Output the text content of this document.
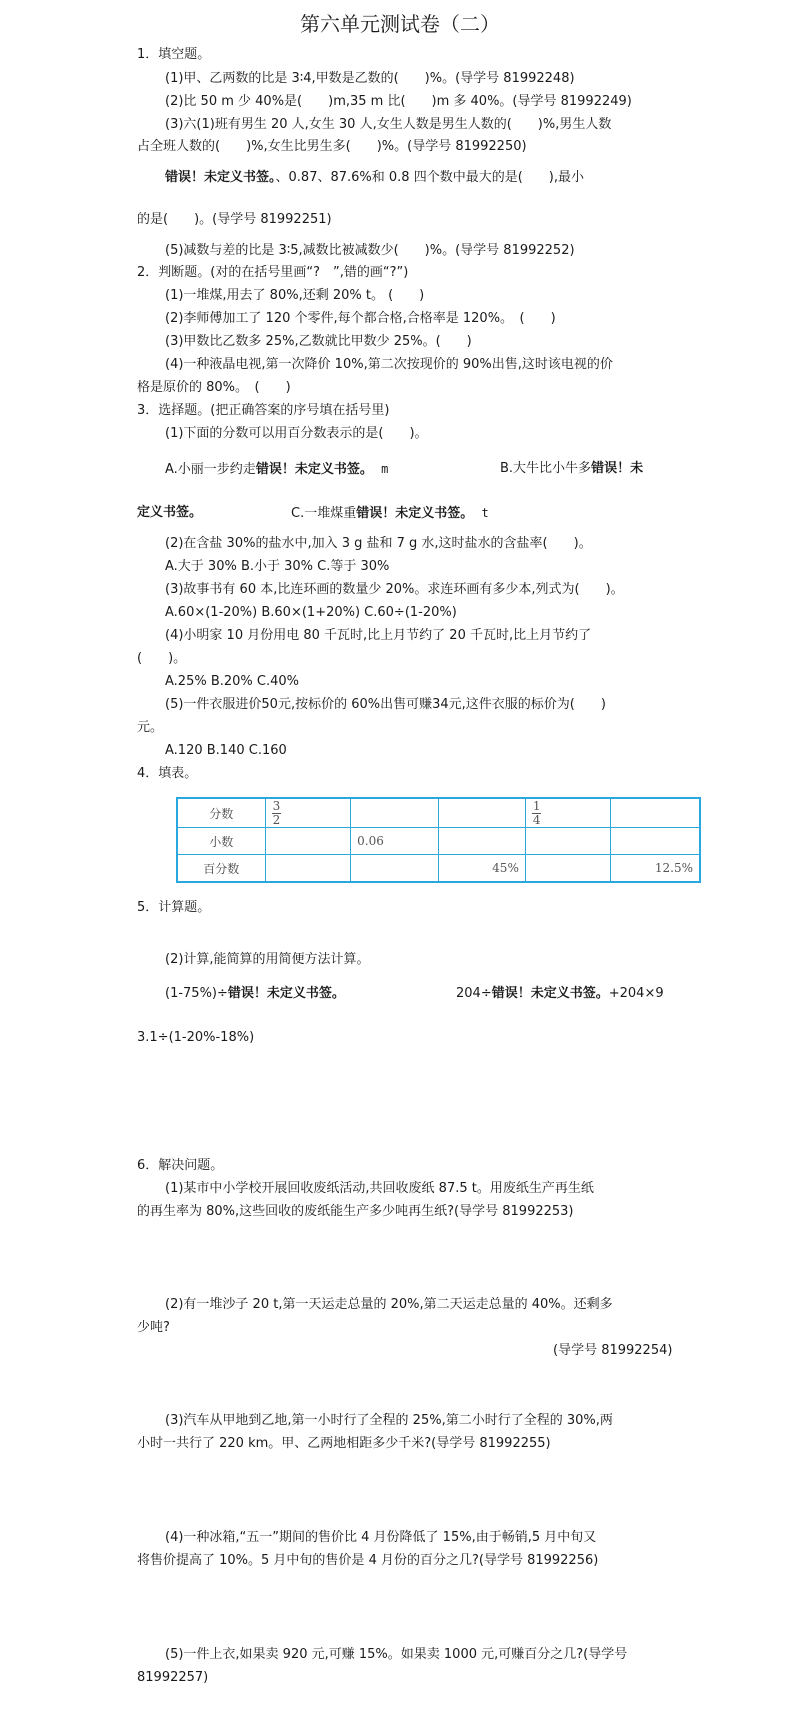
第六单元测试卷（二）
1．填空题。
(1)甲、乙两数的比是 3∶4,甲数是乙数的(　　)%。(导学号 81992248)
(2)比 50 m 少 40%是(　　)m,35 m 比(　　)m 多 40%。(导学号 81992249)
(3)六(1)班有男生 20 人,女生 30 人,女生人数是男生人数的(　　)%,男生人数
占全班人数的(　　)%,女生比男生多(　　)%。(导学号 81992250)
错误！未定义书签。、0.87、87.6%和 0.8 四个数中最大的是(　　),最小
的是(　　)。(导学号 81992251)
(5)减数与差的比是 3∶5,减数比被减数少(　　)%。(导学号 81992252)
2．判断题。(对的在括号里画“?　”,错的画“?”)
(1)一堆煤,用去了 80%,还剩 20% t。 (　　)
(2)李师傅加工了 120 个零件,每个都合格,合格率是 120%。　(　　)
(3)甲数比乙数多 25%,乙数就比甲数少 25%。(　　)
(4)一种液晶电视,第一次降价 10%,第二次按现价的 90%出售,这时该电视的价
格是原价的 80%。　(　　)
3．选择题。(把正确答案的序号填在括号里)
(1)下面的分数可以用百分数表示的是(　　)。
A.小丽一步约走错误！未定义书签。 m	B.大牛比小牛多错误！未
定义书签。	C.一堆煤重错误！未定义书签。 t
(2)在含盐 30%的盐水中,加入 3 g 盐和 7 g 水,这时盐水的含盐率(　　)。
A.大于 30% B.小于 30% C.等于 30%
(3)故事书有 60 本,比连环画的数量少 20%。求连环画有多少本,列式为(　　)。
A.60×(1-20%) B.60×(1+20%) C.60÷(1-20%)
(4)小明家 10 月份用电 80 千瓦时,比上月节约了 20 千瓦时,比上月节约了
(　　)。
A.25% B.20% C.40%
(5)一件衣服进价50元,按标价的 60%出售可赚34元,这件衣服的标价为(　　)
元。
A.120 B.140 C.160
4．填表。
分数	$\frac{3}{2}$			$\frac{1}{4}$

小数		0.06			
百分数			45%		12.5%
5．计算题。
(2)计算,能简算的用简便方法计算。
(1-75%)÷错误！未定义书签。	204÷错误！未定义书签。+204×9
3.1÷(1-20%-18%)
6．解决问题。
(1)某市中小学校开展回收废纸活动,共回收废纸 87.5 t。用废纸生产再生纸
的再生率为 80%,这些回收的废纸能生产多少吨再生纸?(导学号 81992253)
(2)有一堆沙子 20 t,第一天运走总量的 20%,第二天运走总量的 40%。还剩多
少吨?
(导学号 81992254)
(3)汽车从甲地到乙地,第一小时行了全程的 25%,第二小时行了全程的 30%,两
小时一共行了 220 km。甲、乙两地相距多少千米?(导学号 81992255)
(4)一种冰箱,“五一”期间的售价比 4 月份降低了 15%,由于畅销,5 月中旬又
将售价提高了 10%。5 月中旬的售价是 4 月份的百分之几?(导学号 81992256)
(5)一件上衣,如果卖 920 元,可赚 15%。如果卖 1000 元,可赚百分之几?(导学号
81992257)
